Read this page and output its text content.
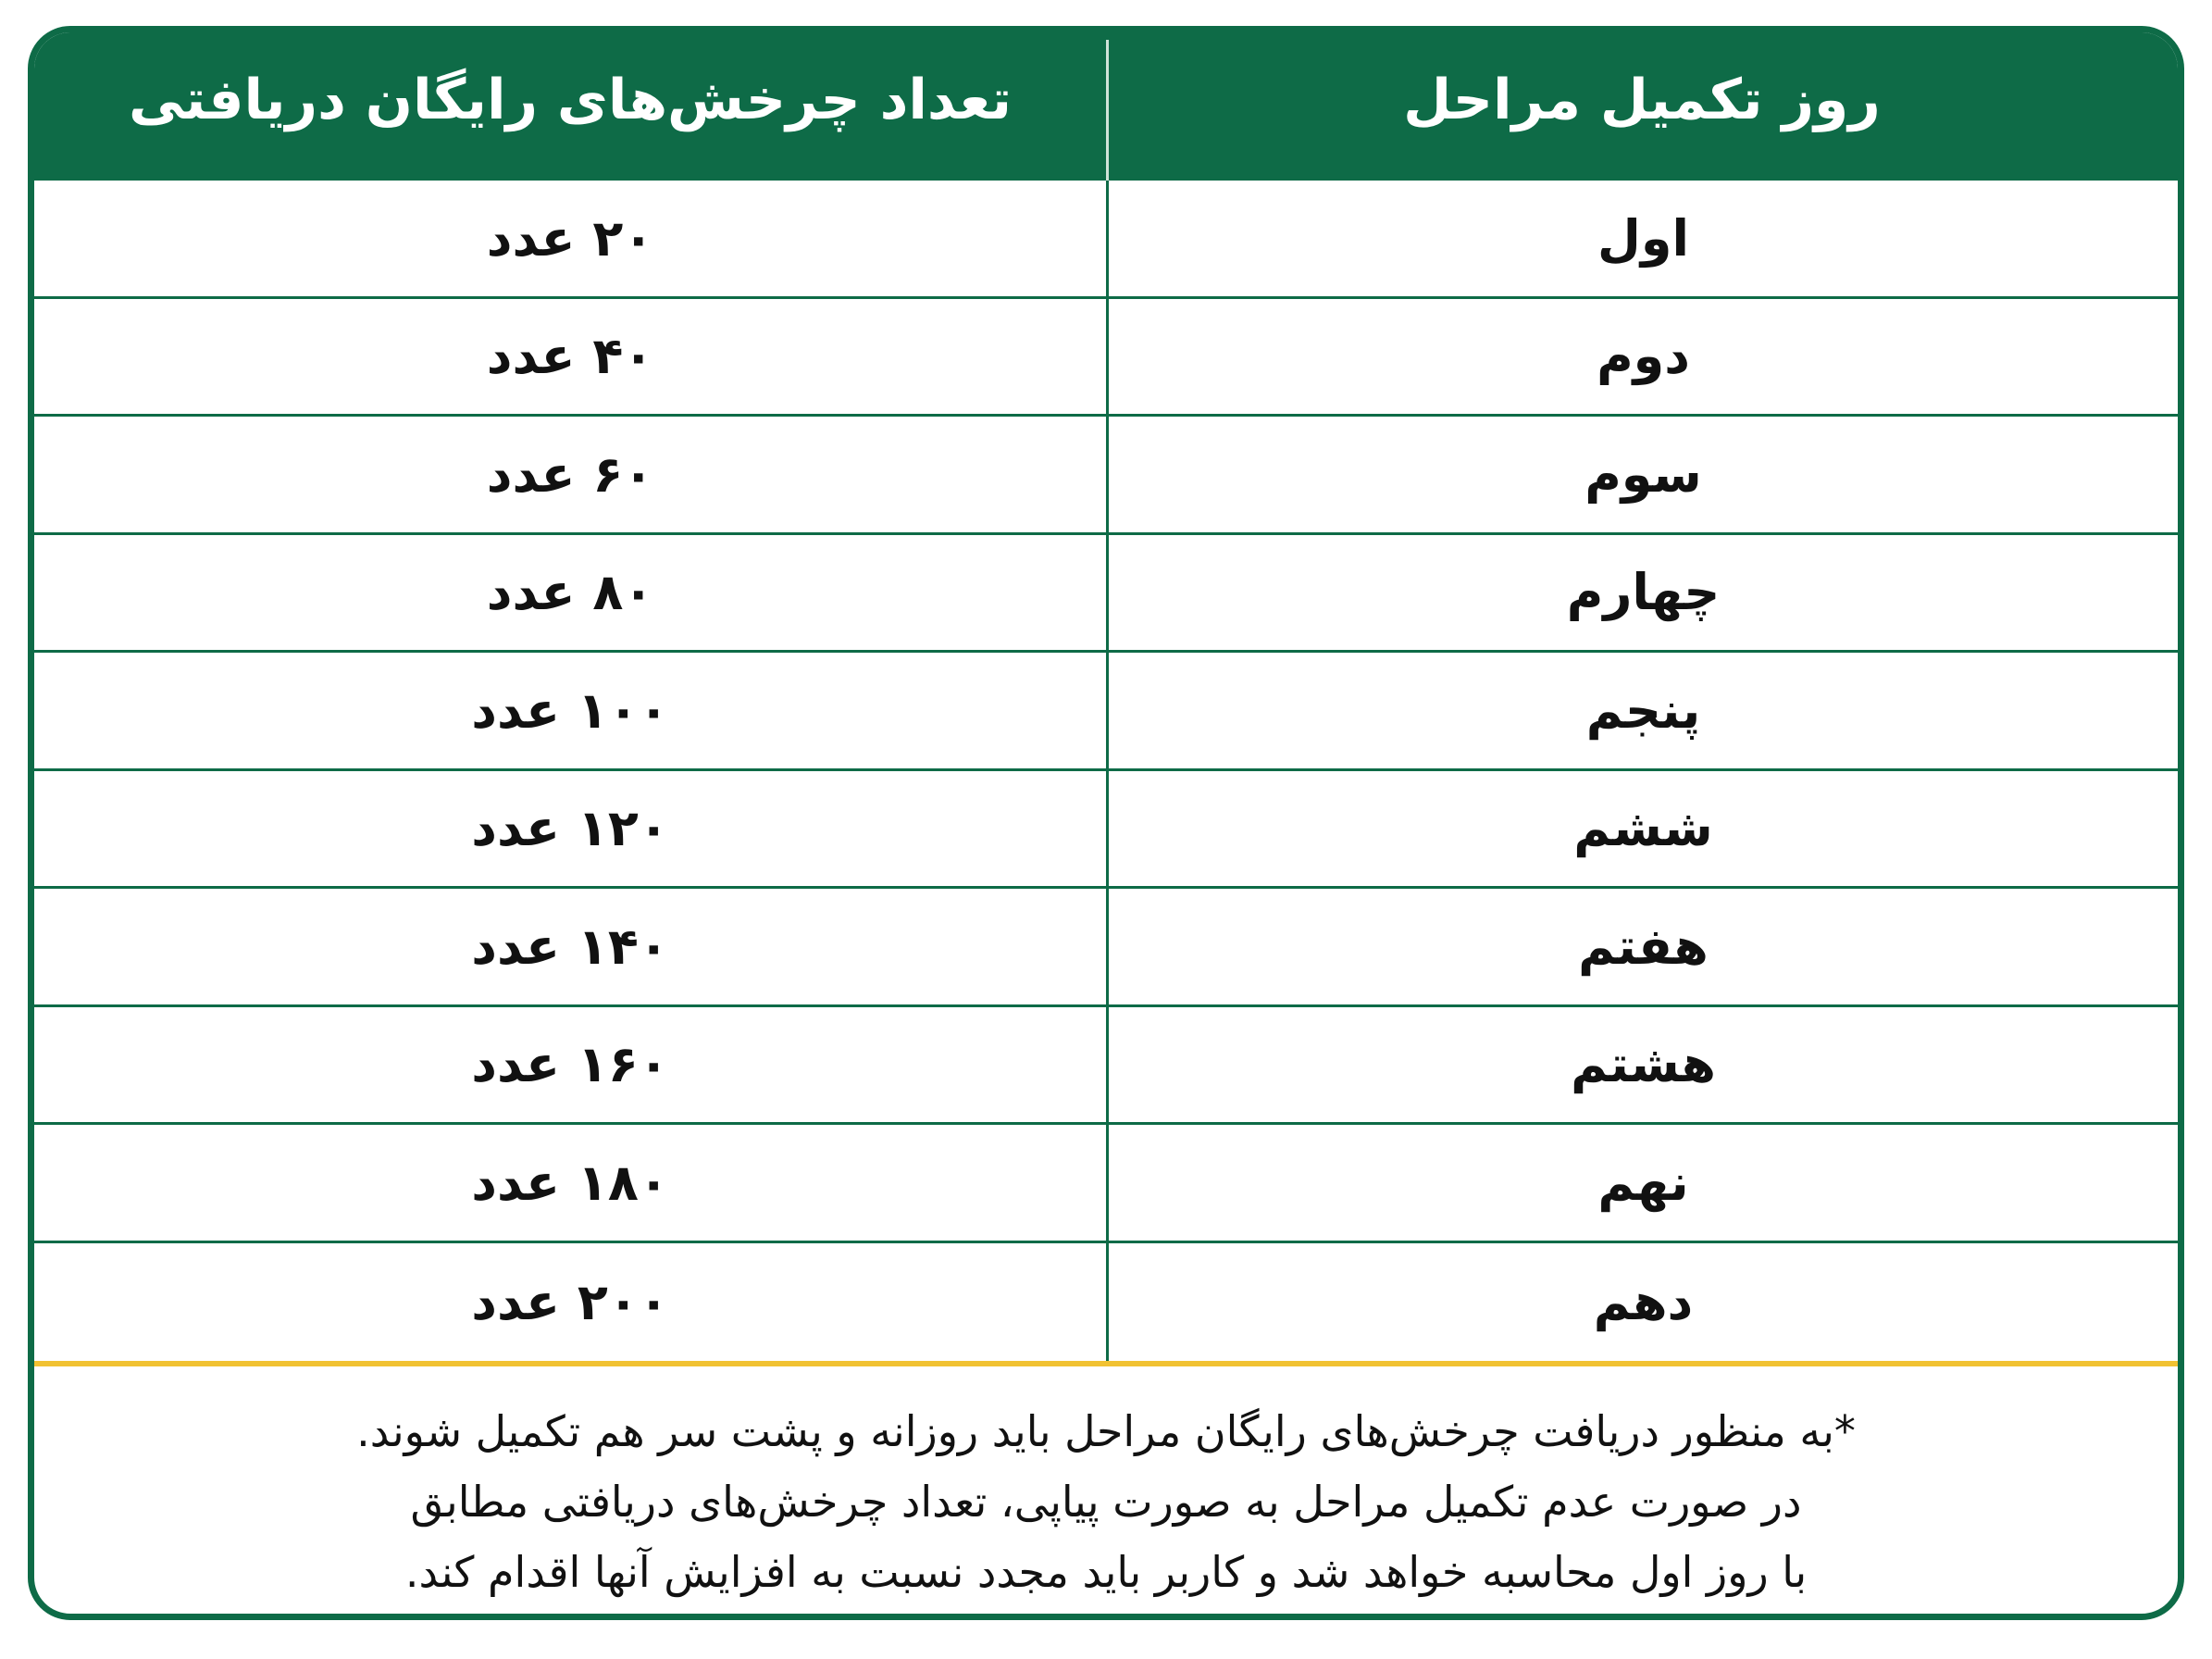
روز تکمیل مراحل
تعداد چرخش‌های رایگان دریافتی
اول
۲۰ عدد
دوم
۴۰ عدد
سوم
۶۰ عدد
چهارم
۸۰ عدد
پنجم
۱۰۰ عدد
ششم
۱۲۰ عدد
هفتم
۱۴۰ عدد
هشتم
۱۶۰ عدد
نهم
۱۸۰ عدد
دهم
۲۰۰ عدد
*به منظور دریافت چرخش‌های رایگان مراحل باید روزانه و پشت سر هم تکمیل شوند.
در صورت عدم تکمیل مراحل به صورت پیاپی، تعداد چرخش‌های دریافتی مطابق
با روز اول محاسبه خواهد شد و کاربر باید مجدد نسبت به افزایش آنها اقدام کند.
